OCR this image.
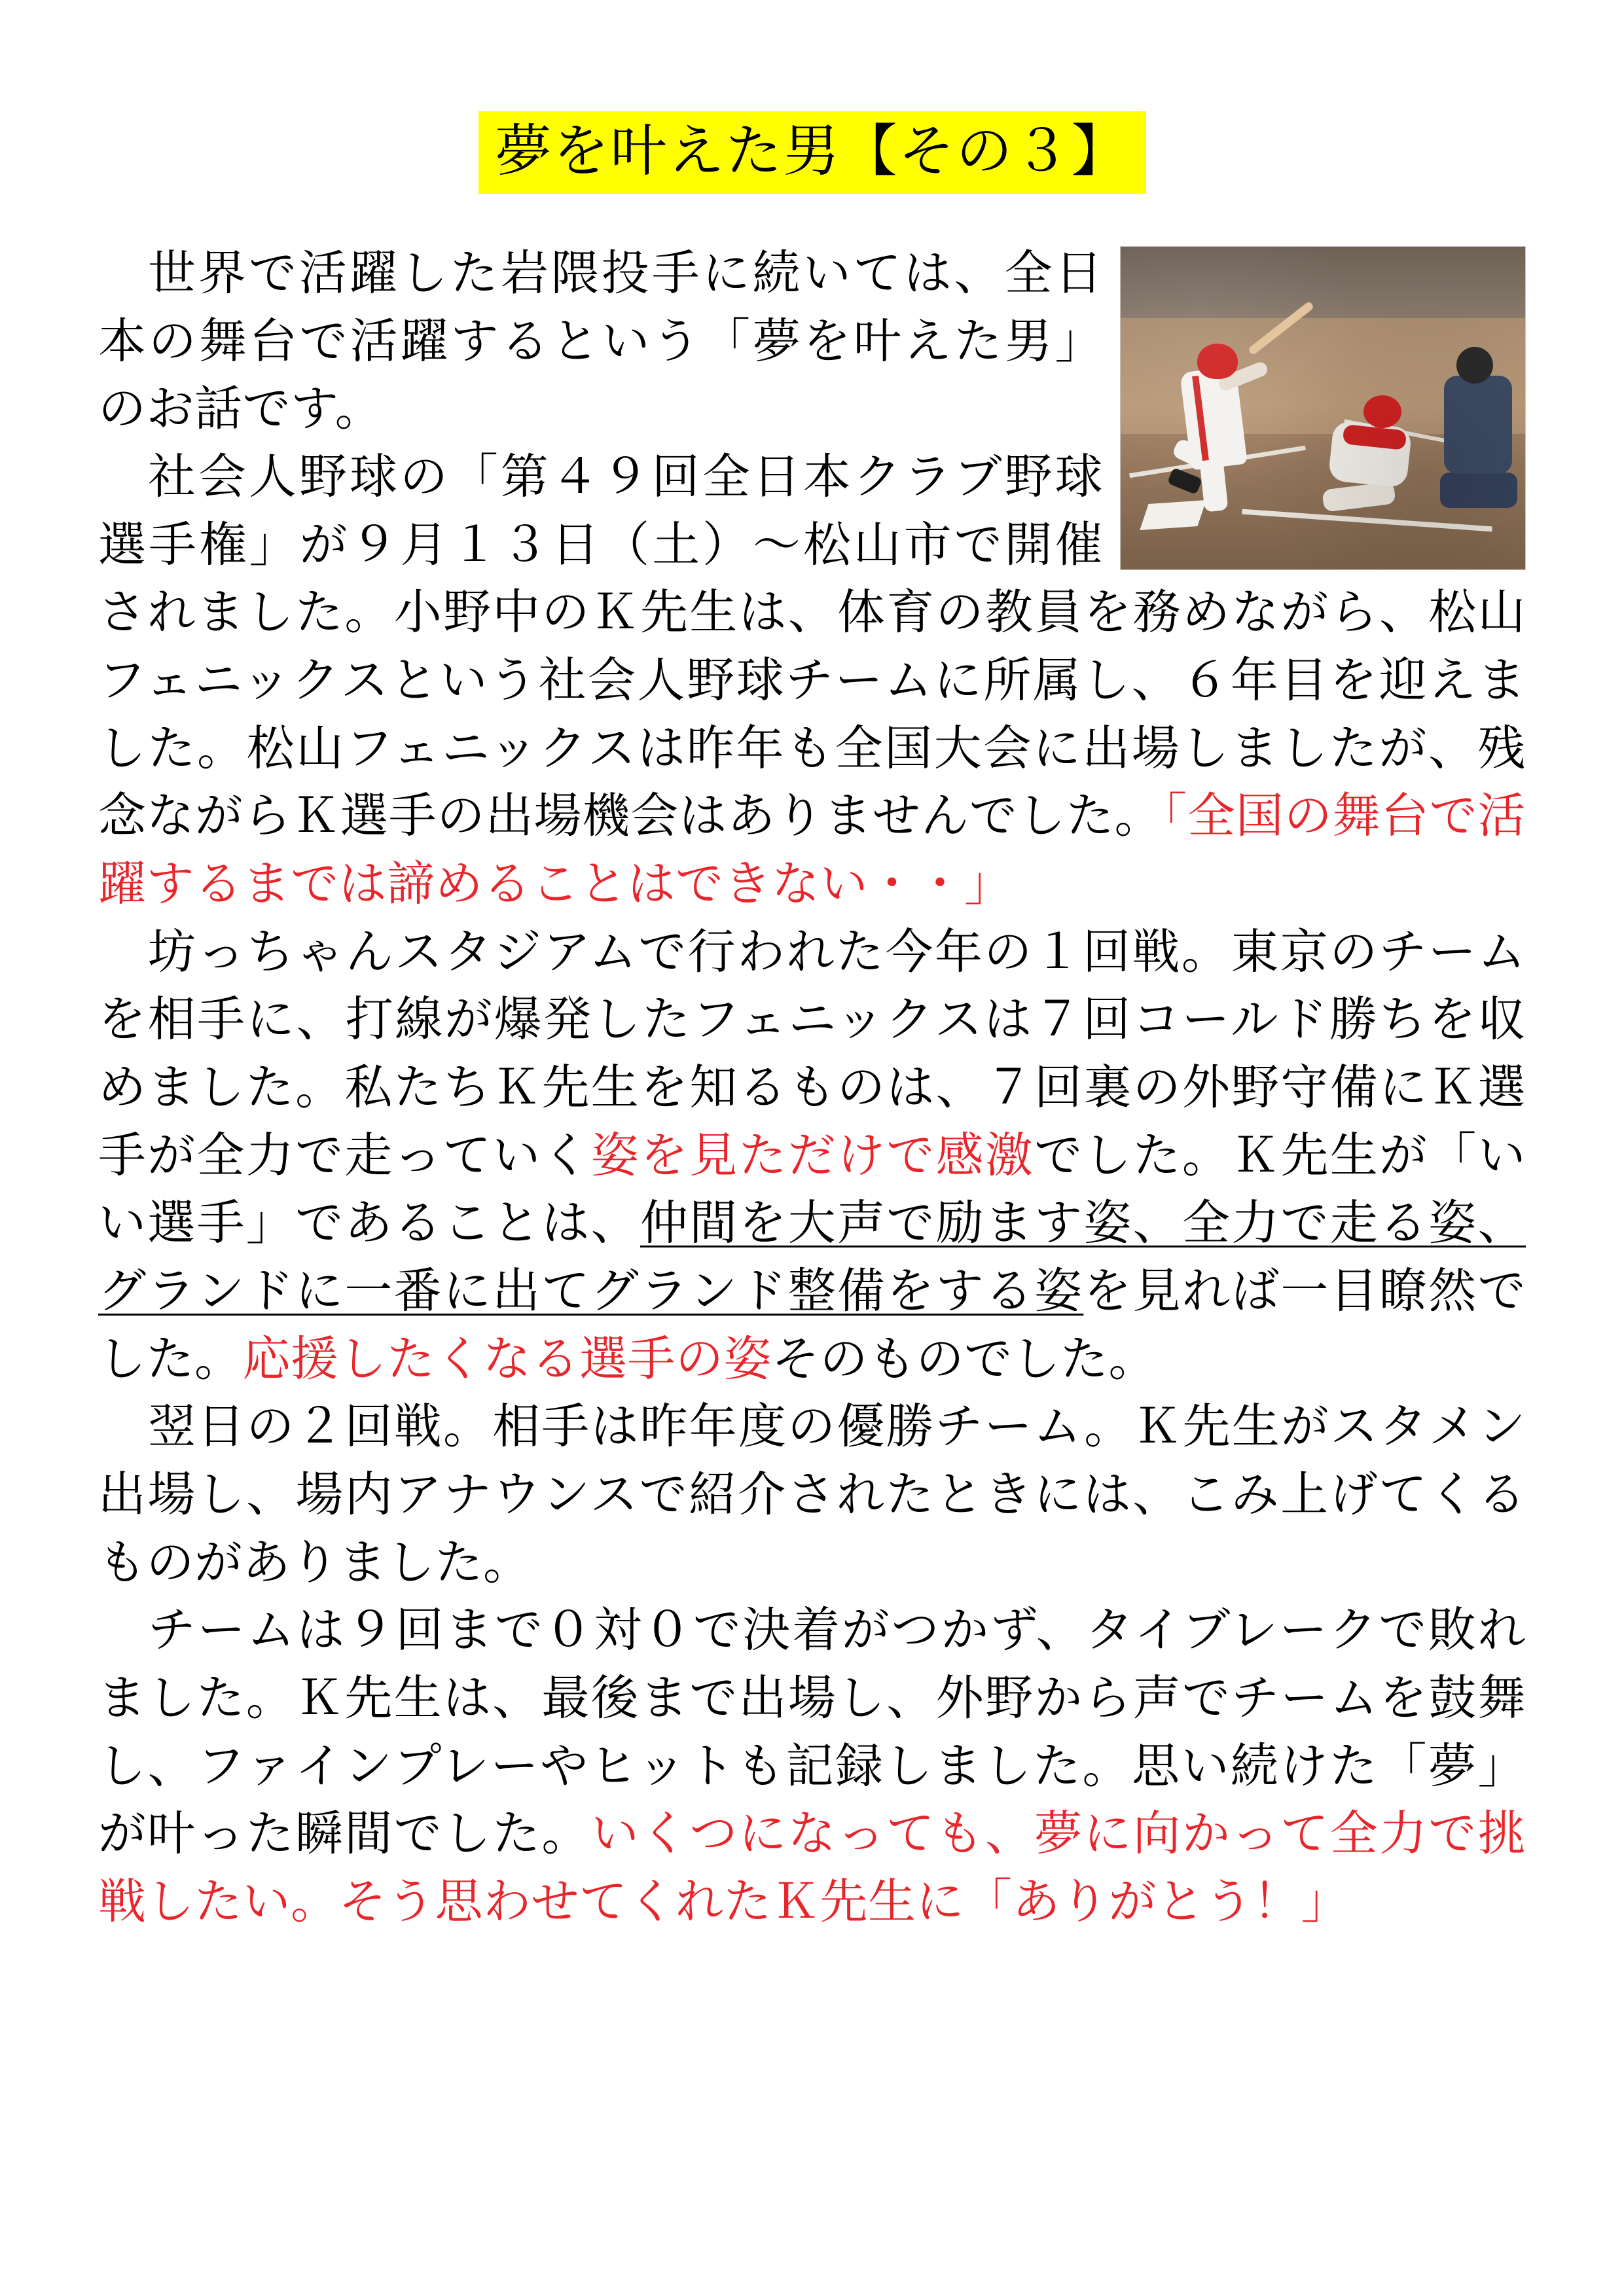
夢を叶えた男【その３】

世界で活躍した岩隈投手に続いては、全日本の舞台で活躍するという「夢を叶えた男」のお話です。

社会人野球の「第４９回全日本クラブ野球選手権」が９月１３日（土）～松山市で開催されました。小野中のＫ先生は、体育の教員を務めながら、松山フェニックスという社会人野球チームに所属し、６年目を迎えました。松山フェニックスは昨年も全国大会に出場しましたが、残念ながらＫ選手の出場機会はありませんでした。「全国の舞台で活躍するまでは諦めることはできない・・」

坊っちゃんスタジアムで行われた今年の１回戦。東京のチームを相手に、打線が爆発したフェニックスは７回コールド勝ちを収めました。私たちＫ先生を知るものは、７回裏の外野守備にＫ選手が全力で走っていく姿を見ただけで感激でした。Ｋ先生が「いい選手」であることは、仲間を大声で励ます姿、全力で走る姿、グランドに一番に出てグランド整備をする姿を見れば一目瞭然でした。応援したくなる選手の姿そのものでした。

翌日の２回戦。相手は昨年度の優勝チーム。Ｋ先生がスタメン出場し、場内アナウンスで紹介されたときには、こみ上げてくるものがありました。

チームは９回まで０対０で決着がつかず、タイブレークで敗れました。Ｋ先生は、最後まで出場し、外野から声でチームを鼓舞し、ファインプレーやヒットも記録しました。思い続けた「夢」が叶った瞬間でした。いくつになっても、夢に向かって全力で挑戦したい。そう思わせてくれたＫ先生に「ありがとう！」
